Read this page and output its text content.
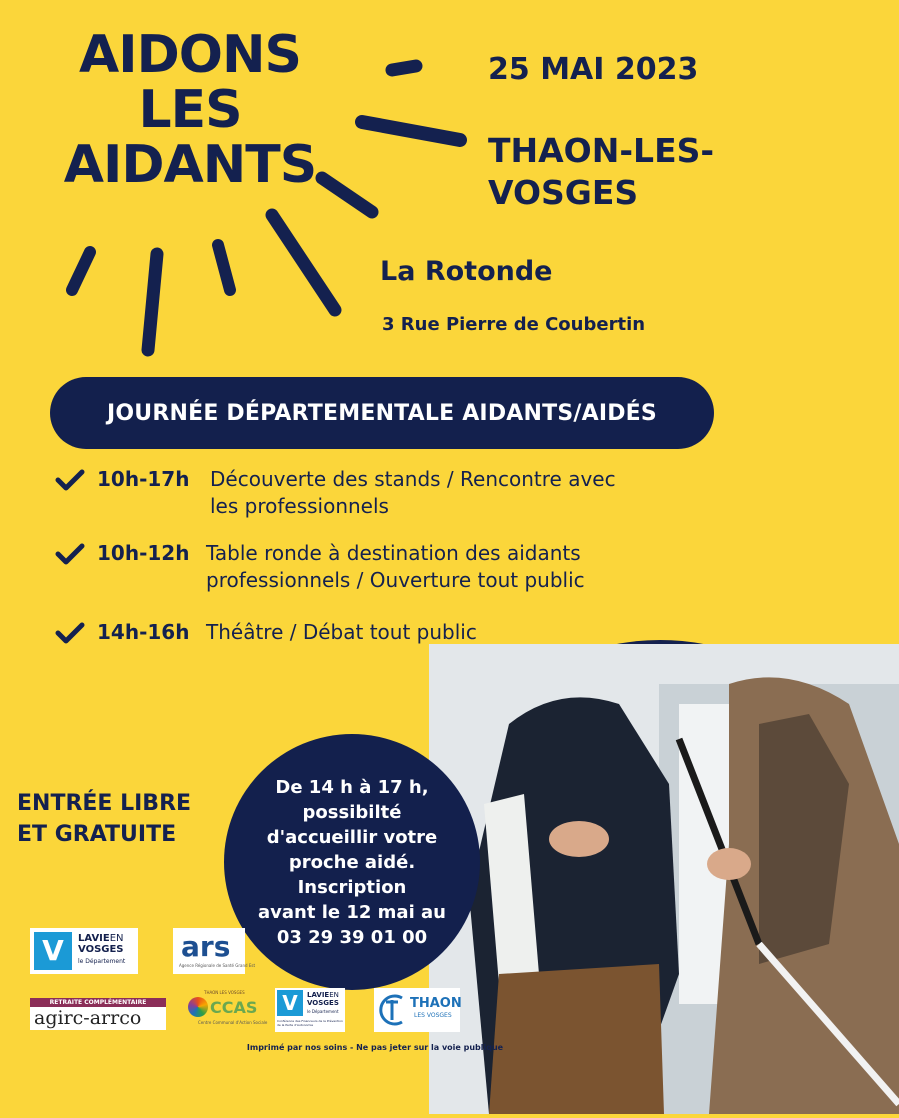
AIDONS
LES
AIDANTS
25 MAI 2023
THAON-LES-
VOSGES
La Rotonde
3 Rue Pierre de Coubertin
JOURNÉE DÉPARTEMENTALE AIDANTS/AIDÉS
10h-17h Découverte des stands / Rencontre avec
les professionnels
10h-12h Table ronde à destination des aidants
professionnels / Ouverture tout public
14h-16h Théâtre / Débat tout public
ENTRÉE LIBRE
ET GRATUITE
De 14 h à 17 h,
possibilté
d'accueillir votre
proche aidé.
Inscription
avant le 12 mai au
03 29 39 01 00
V	LAVIEEN
VOSGES
le Département ars
Agence Régionale de Santé Grand Est
RETRAITE COMPLÉMENTAIRE
agirc-arrco
THAON LES VOSGES
CCAS
Centre Communal d'Action Sociale
V	LAVIEEN
VOSGES
le Département
Conférence des Financeurs de la Prévention de la Perte d'Autonomie
THAON
LES VOSGES
Imprimé par nos soins - Ne pas jeter sur la voie publique
